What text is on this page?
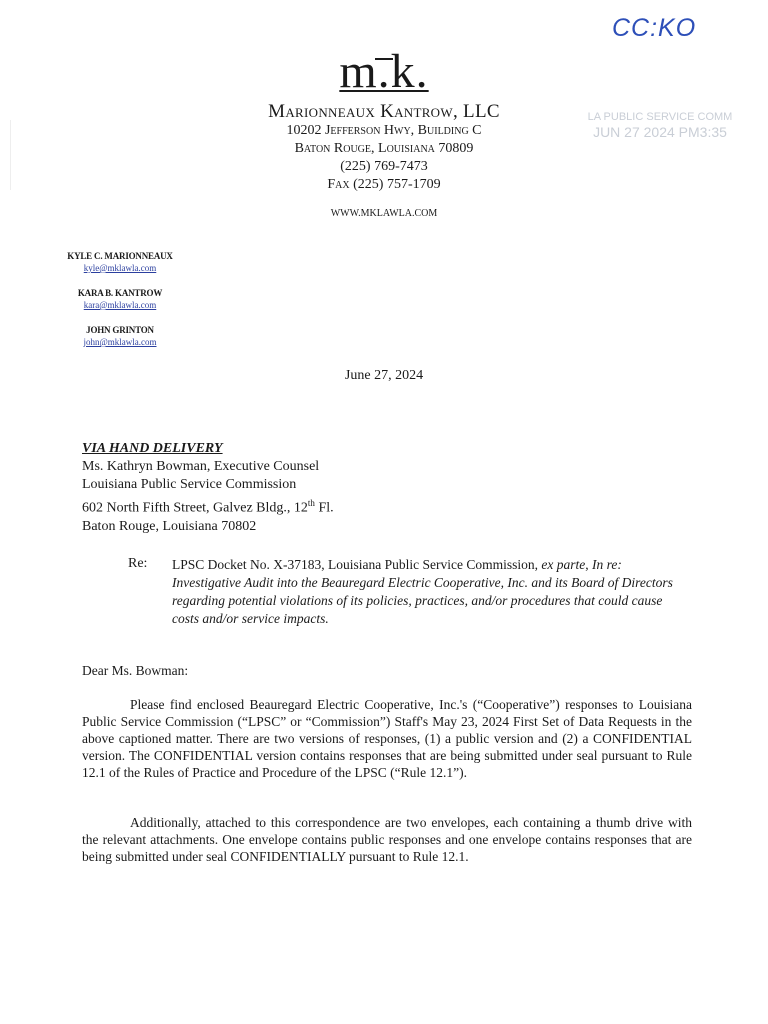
CC:KO
m.k.
Marionneaux Kantrow, LLC
10202 Jefferson Hwy, Building C
Baton Rouge, Louisiana 70809
(225) 769-7473
Fax (225) 757-1709
WWW.MKLAWLA.COM
LA PUBLIC SERVICE COMM
JUN 27 2024 PM3:35
KYLE C. MARIONNEAUX
kyle@mklawla.com
KARA B. KANTROW
kara@mklawla.com
JOHN GRINTON
john@mklawla.com
June 27, 2024
VIA HAND DELIVERY
Ms. Kathryn Bowman, Executive Counsel
Louisiana Public Service Commission
602 North Fifth Street, Galvez Bldg., 12th Fl.
Baton Rouge, Louisiana 70802
Re: LPSC Docket No. X-37183, Louisiana Public Service Commission, ex parte, In re: Investigative Audit into the Beauregard Electric Cooperative, Inc. and its Board of Directors regarding potential violations of its policies, practices, and/or procedures that could cause costs and/or service impacts.
Dear Ms. Bowman:
Please find enclosed Beauregard Electric Cooperative, Inc.'s (“Cooperative”) responses to Louisiana Public Service Commission (“LPSC” or “Commission”) Staff's May 23, 2024 First Set of Data Requests in the above captioned matter. There are two versions of responses, (1) a public version and (2) a CONFIDENTIAL version. The CONFIDENTIAL version contains responses that are being submitted under seal pursuant to Rule 12.1 of the Rules of Practice and Procedure of the LPSC (“Rule 12.1”).
Additionally, attached to this correspondence are two envelopes, each containing a thumb drive with the relevant attachments. One envelope contains public responses and one envelope contains responses that are being submitted under seal CONFIDENTIALLY pursuant to Rule 12.1.
